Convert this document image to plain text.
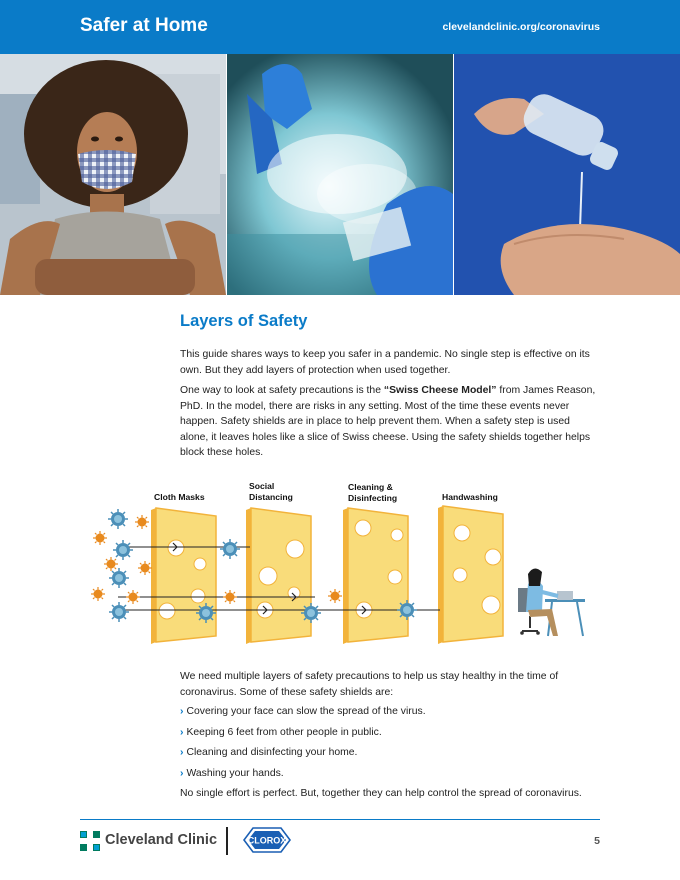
Safer at Home	clevelandclinic.org/coronavirus
Layers of Safety

This guide shares ways to keep you safer in a pandemic. No single step is effective on its own. But they add layers of protection when used together.

One way to look at safety precautions is the “Swiss Cheese Model” from James Reason, PhD. In the model, there are risks in any setting. Most of the time these events never happen. Safety shields are in place to help prevent them. When a safety step is used alone, it leaves holes like a slice of Swiss cheese. Using the safety shields together helps block these holes.

Cloth Masks
Social
Distancing
Cleaning &
Disinfecting	Handwashing

We need multiple layers of safety precautions to help us stay healthy in the time of coronavirus. Some of these safety shields are:

› Covering your face can slow the spread of the virus.
› Keeping 6 feet from other people in public.
› Cleaning and disinfecting your home.
› Washing your hands.

No single effort is perfect. But, together they can help control the spread of coronavirus.

Cleveland Clinic	CLOROX	5
